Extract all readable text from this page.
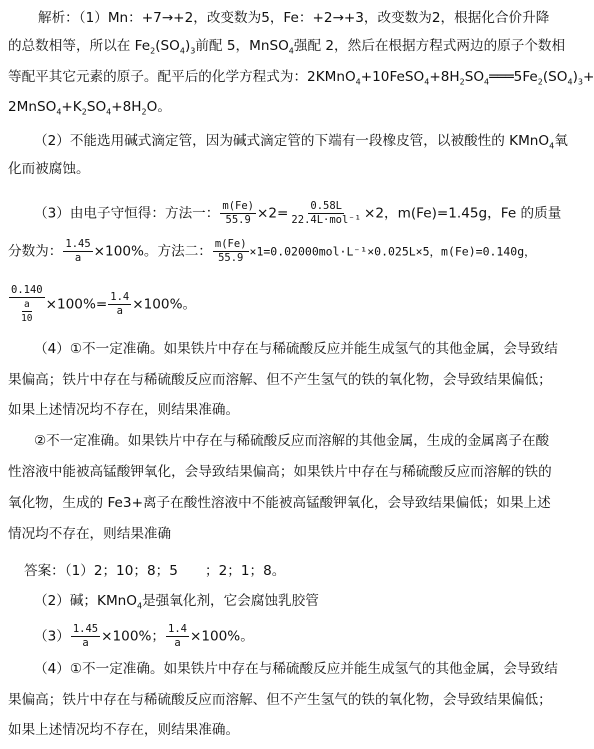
解析：（1）Mn：+7→+2，改变数为5，Fe：+2→+3，改变数为2，根据化合价升降
的总数相等，所以在 $Fe_2(SO_4)_3$前配 5，MnSO$_4$强配 2，然后在根据方程式两边的原子个数相
等配平其它元素的原子。配平后的化学方程式为：$2KMnO_4+10FeSO_4+8H_2SO_4═══5Fe_2(SO_4)_3+$
$2MnSO_4+K_2SO_4+8H_2O$。
（2）不能选用碱式滴定管，因为碱式滴定管的下端有一段橡皮管，以被酸性的 KMnO$_4$氧
化而被腐蚀。
（3）由电子守恒得：方法一： $\frac{m(Fe)}{55.9} \times 2= \frac{0.58L}{\text{22.4L·mol⁻¹}} \times 2$，m(Fe)=1.45g，Fe 的质量
分数为： $\frac{1.45}{a} \times 100\%$。方法二： $\frac{m(Fe)}{55.9} \times 1=0.02000mol\cdot L^{-1}\times 0.025L\times 5$，m(Fe)=0.140g，
$\frac{0.140}{\frac{a}{10}} \times 100\%= \frac{1.4}{a} \times 100\%$。
（4）①不一定准确。如果铁片中存在与稀硫酸反应并能生成氢气的其他金属，会导致结
果偏高；铁片中存在与稀硫酸反应而溶解、但不产生氢气的铁的氧化物，会导致结果偏低；
如果上述情况均不存在，则结果准确。
②不一定准确。如果铁片中存在与稀硫酸反应而溶解的其他金属，生成的金属离子在酸
性溶液中能被高锰酸钾氧化，会导致结果偏高；如果铁片中存在与稀硫酸反应而溶解的铁的
氧化物，生成的 Fe3+离子在酸性溶液中不能被高锰酸钾氧化，会导致结果偏低；如果上述
情况均不存在，则结果准确
答案：（1）2；10；8；5　　；2；1；8。
（2）碱；KMnO$_4$是强氧化剂，它会腐蚀乳胶管
$(3) \frac{1.45}{a} \times 100\%$； $\frac{1.4}{a} \times 100\%$。
（4）①不一定准确。如果铁片中存在与稀硫酸反应并能生成氢气的其他金属，会导致结
果偏高；铁片中存在与稀硫酸反应而溶解、但不产生氢气的铁的氧化物，会导致结果偏低；
如果上述情况均不存在，则结果准确。
